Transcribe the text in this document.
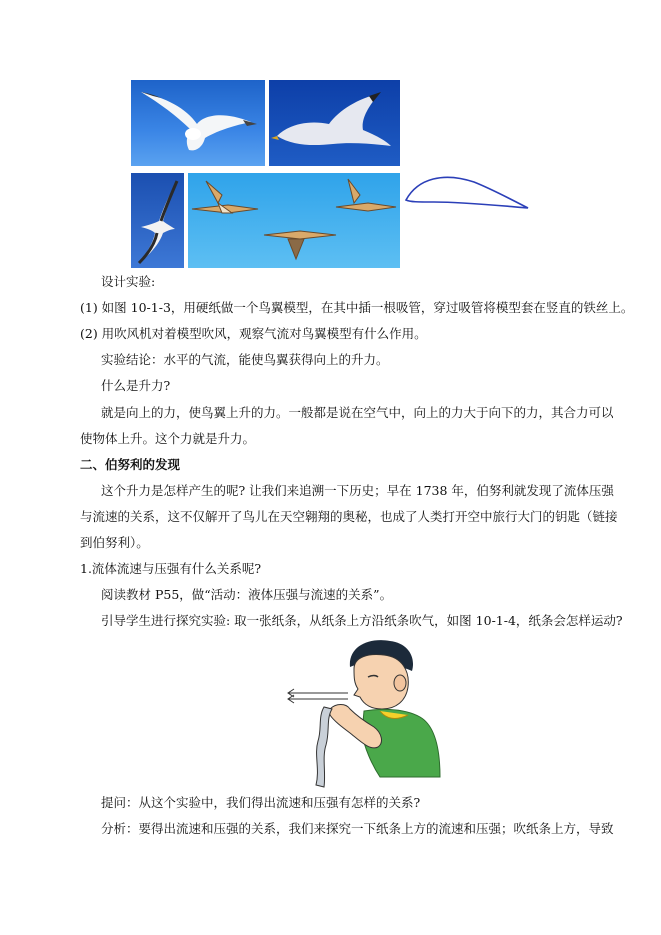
设计实验:
(1) 如图 10-1-3，用硬纸做一个鸟翼模型，在其中插一根吸管，穿过吸管将模型套在竖直的铁丝上。
(2) 用吹风机对着模型吹风，观察气流对鸟翼模型有什么作用。
实验结论：水平的气流，能使鸟翼获得向上的升力。
什么是升力?
就是向上的力，使鸟翼上升的力。一般都是说在空气中，向上的力大于向下的力，其合力可以
使物体上升。这个力就是升力。
二、伯努利的发现
这个升力是怎样产生的呢? 让我们来追溯一下历史；早在 1738 年，伯努利就发现了流体压强
与流速的关系，这不仅解开了鸟儿在天空翱翔的奥秘，也成了人类打开空中旅行大门的钥匙（链接
到伯努利）。
1.流体流速与压强有什么关系呢?
阅读教材 P55，做“活动：液体压强与流速的关系”。
引导学生进行探究实验: 取一张纸条，从纸条上方沿纸条吹气，如图 10-1-4，纸条会怎样运动?
提问：从这个实验中，我们得出流速和压强有怎样的关系?
分析：要得出流速和压强的关系，我们来探究一下纸条上方的流速和压强；吹纸条上方，导致
